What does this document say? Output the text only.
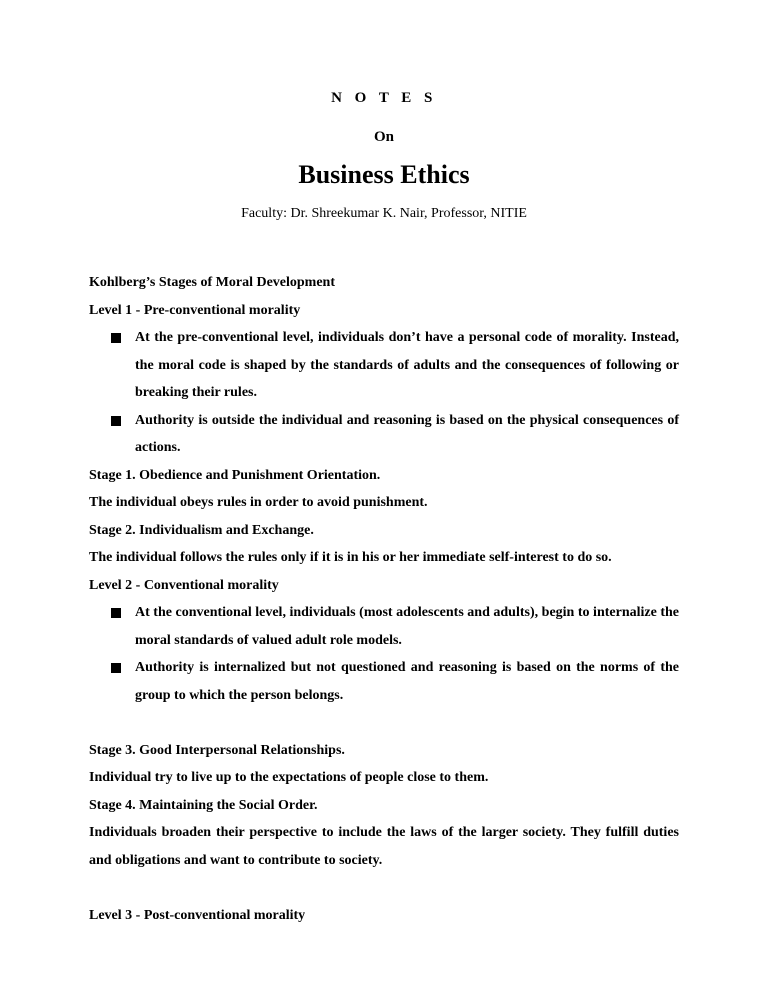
N O T E S
On
Business Ethics
Faculty: Dr. Shreekumar K. Nair, Professor, NITIE

Kohlberg’s Stages of Moral Development

Level 1 - Pre-conventional morality

At the pre-conventional level, individuals don’t have a personal code of morality. Instead, the moral code is shaped by the standards of adults and the consequences of following or breaking their rules.
Authority is outside the individual and reasoning is based on the physical consequences of actions.

Stage 1. Obedience and Punishment Orientation.

The individual obeys rules in order to avoid punishment.

Stage 2. Individualism and Exchange.

The individual follows the rules only if it is in his or her immediate self-interest to do so.

Level 2 - Conventional morality

At the conventional level, individuals (most adolescents and adults), begin to internalize the moral standards of valued adult role models.
Authority is internalized but not questioned and reasoning is based on the norms of the group to which the person belongs.

Stage 3. Good Interpersonal Relationships.

Individual try to live up to the expectations of people close to them.

Stage 4. Maintaining the Social Order.

Individuals broaden their perspective to include the laws of the larger society. They fulfill duties and obligations and want to contribute to society.

Level 3 - Post-conventional morality
